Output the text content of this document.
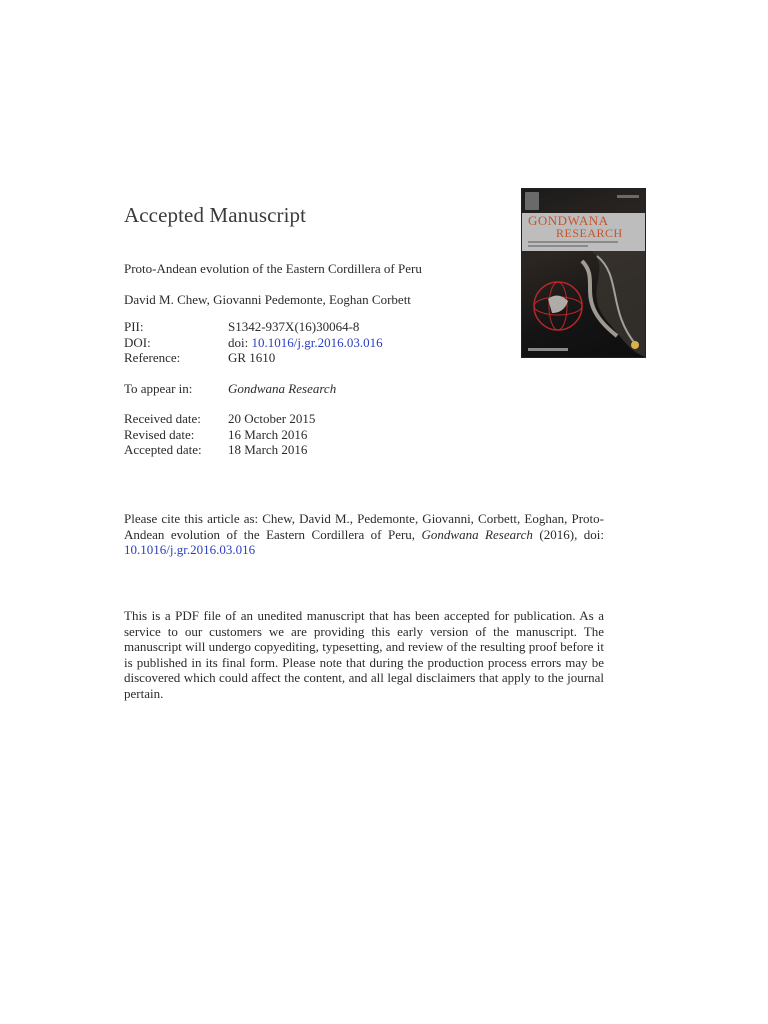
Accepted Manuscript
Proto-Andean evolution of the Eastern Cordillera of Peru
David M. Chew, Giovanni Pedemonte, Eoghan Corbett
PII:	S1342-937X(16)30064-8
DOI:	doi: 10.1016/j.gr.2016.03.016
Reference:	GR 1610
To appear in:	Gondwana Research
Received date:	20 October 2015
Revised date:	16 March 2016
Accepted date:	18 March 2016
Please cite this article as: Chew, David M., Pedemonte, Giovanni, Corbett, Eoghan, Proto-Andean evolution of the Eastern Cordillera of Peru, Gondwana Research (2016), doi: 10.1016/j.gr.2016.03.016
This is a PDF file of an unedited manuscript that has been accepted for publication. As a service to our customers we are providing this early version of the manuscript. The manuscript will undergo copyediting, typesetting, and review of the resulting proof before it is published in its final form. Please note that during the production process errors may be discovered which could affect the content, and all legal disclaimers that apply to the journal pertain.
GONDWANA
RESEARCH
